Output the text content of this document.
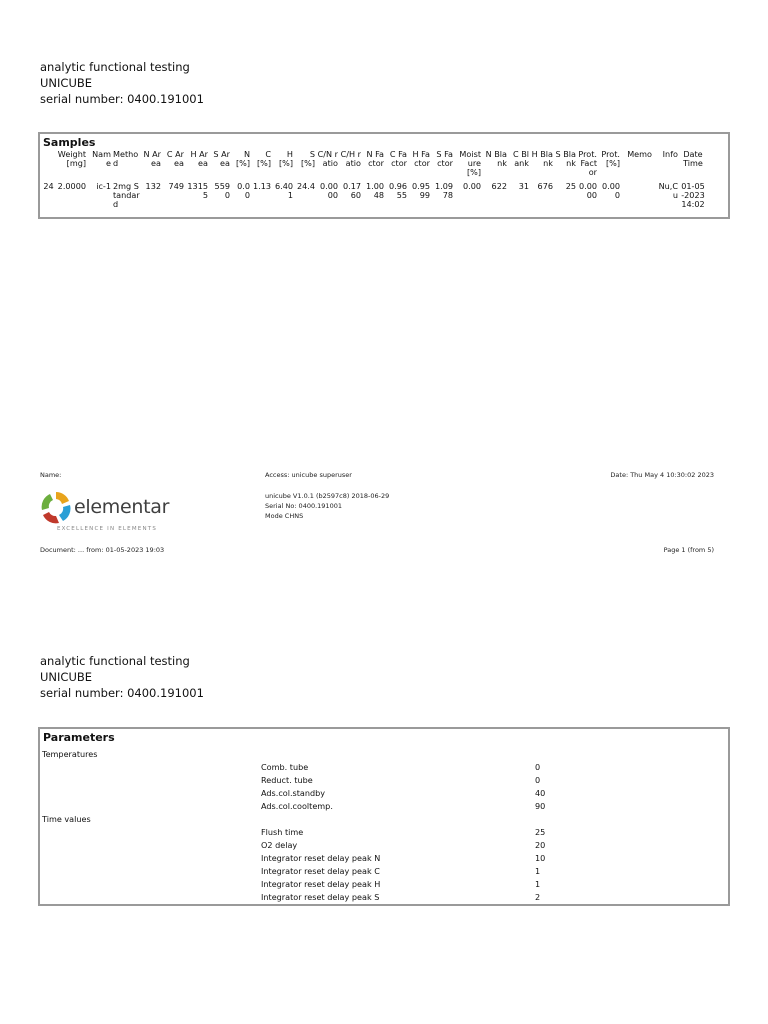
analytic functional testing
UNICUBE
serial number: 0400.191001
Samples
	Weight [mg]	Name	Method	N Area	C Area	H Area	S Area	N [%]	C [%]	H [%]	S [%]	C/N ratio	C/H ratio	N Factor	C Factor	H Factor	S Factor	Moisture [%]	N Blank	C Blank	H Blank	S Blank	Prot. Factor	Prot. [%]	Memo	Info	Date Time
24	2.0000	ic-1	2mg Standard	132	749	13155	5590	0.00	1.13	6.401	24.4	0.0000	0.1760	1.0048	0.9655	0.9599	1.0978	0.00	622	31	676	25	0.0000	0.000		Nu,Cu	01-05-2023 14:02
Name:	Access: unicube superuser	Date: Thu May 4 10:30:02 2023
unicube V1.0.1 (b2597c8) 2018-06-29
Serial No: 0400.191001
Mode CHNS
elementar
EXCELLENCE IN ELEMENTS
Document: ... from: 01-05-2023 19:03	Page 1 (from 5)
analytic functional testing
UNICUBE
serial number: 0400.191001
Parameters
Temperatures
Comb. tube	0
Reduct. tube	0
Ads.col.standby	40
Ads.col.cooltemp.	90
Time values
Flush time	25
O2 delay	20
Integrator reset delay peak N	10
Integrator reset delay peak C	1
Integrator reset delay peak H	1
Integrator reset delay peak S	2
